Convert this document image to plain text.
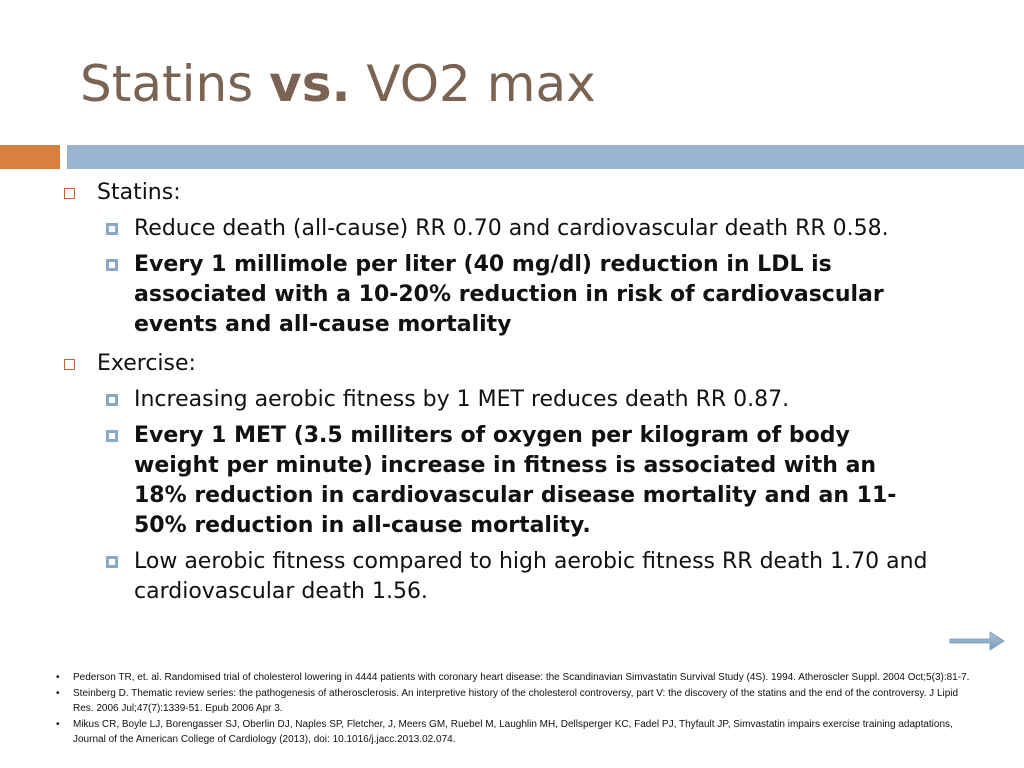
Statins vs. VO2 max
Statins:
Reduce death (all-cause) RR 0.70 and cardiovascular death RR 0.58.
Every 1 millimole per liter (40 mg/dl) reduction in LDL is associated with a 10-20% reduction in risk of cardiovascular events and all-cause mortality
Exercise:
Increasing aerobic fitness by 1 MET reduces death RR 0.87.
Every 1 MET (3.5 milliters of oxygen per kilogram of body weight per minute) increase in fitness is associated with an 18% reduction in cardiovascular disease mortality and an 11-50% reduction in all-cause mortality.
Low aerobic fitness compared to high aerobic fitness RR death 1.70 and cardiovascular death 1.56.
• Pederson TR, et. al. Randomised trial of cholesterol lowering in 4444 patients with coronary heart disease: the Scandinavian Simvastatin Survival Study (4S). 1994. Atheroscler Suppl. 2004 Oct;5(3):81-7.
• Steinberg D. Thematic review series: the pathogenesis of atherosclerosis. An interpretive history of the cholesterol controversy, part V: the discovery of the statins and the end of the controversy. J Lipid Res. 2006 Jul;47(7):1339-51. Epub 2006 Apr 3.
• Mikus CR, Boyle LJ, Borengasser SJ, Oberlin DJ, Naples SP, Fletcher, J, Meers GM, Ruebel M, Laughlin MH, Dellsperger KC, Fadel PJ, Thyfault JP, Simvastatin impairs exercise training adaptations, Journal of the American College of Cardiology (2013), doi: 10.1016/j.jacc.2013.02.074.
